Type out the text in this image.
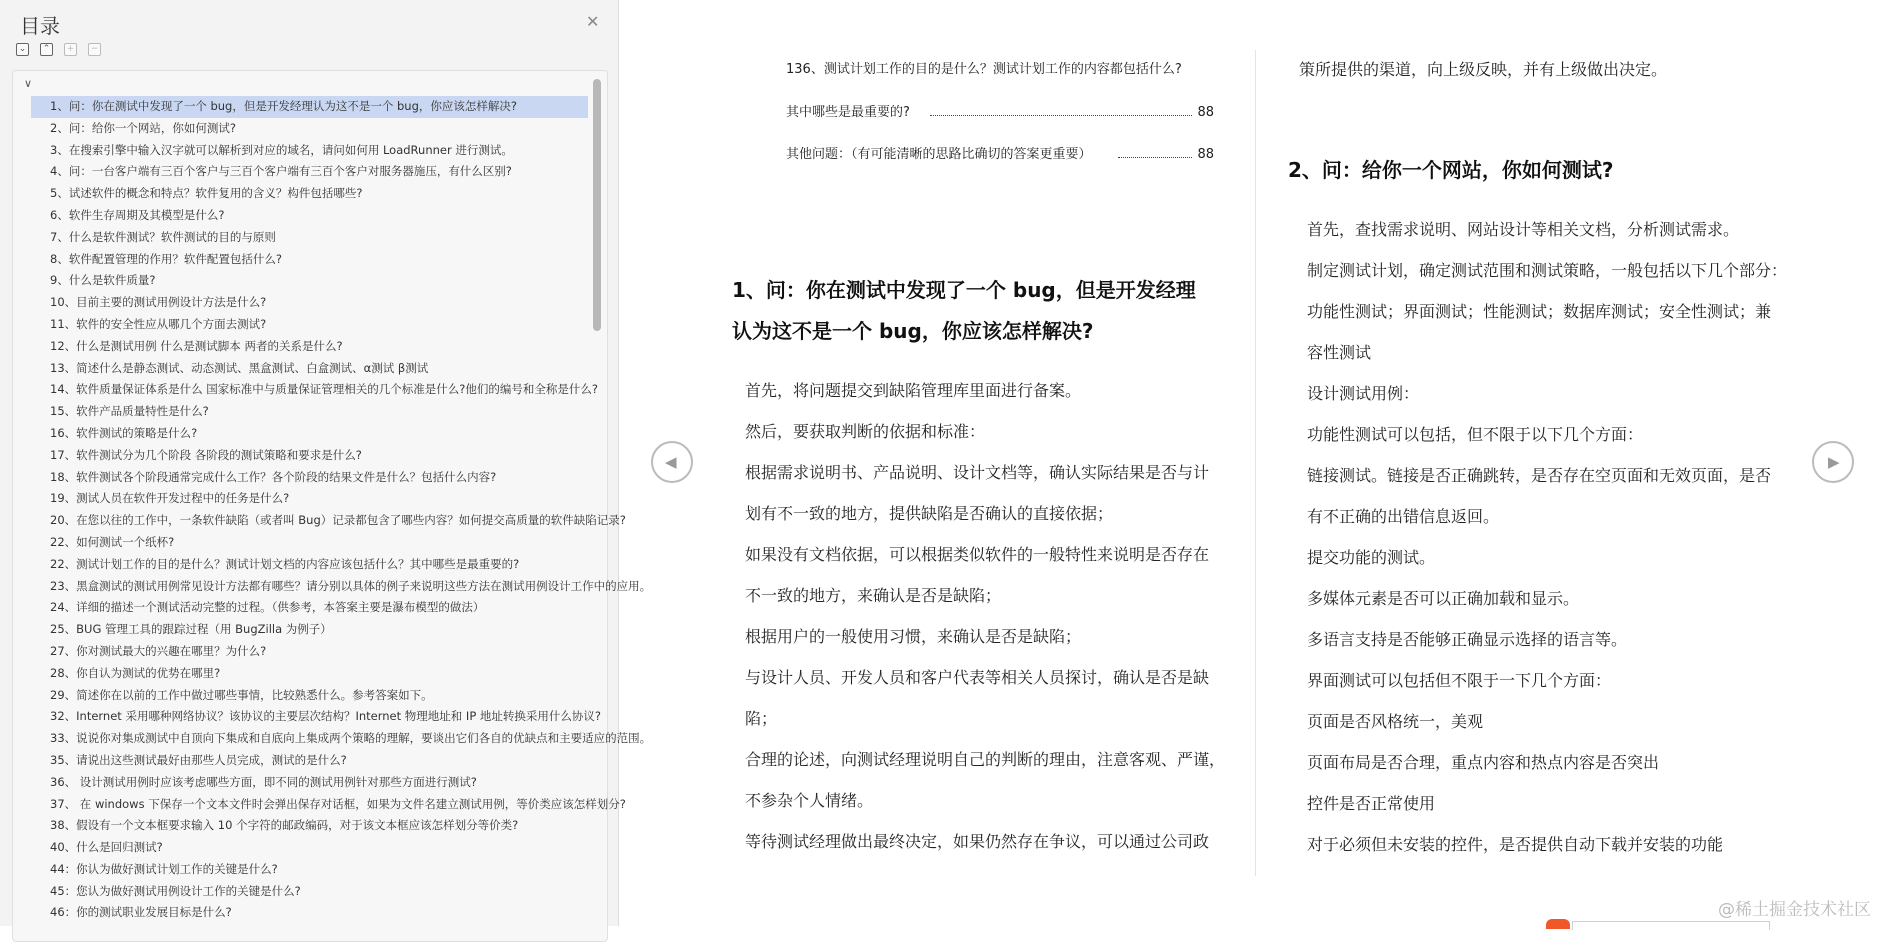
目录	✕
⌄	⌃	+	−
∨
1、问：你在测试中发现了一个 bug，但是开发经理认为这不是一个 bug，你应该怎样解决?
2、问：给你一个网站，你如何测试?
3、在搜索引擎中输入汉字就可以解析到对应的域名，请问如何用 LoadRunner 进行测试。
4、问：一台客户端有三百个客户与三百个客户端有三百个客户对服务器施压，有什么区别?
5、试述软件的概念和特点？软件复用的含义？构件包括哪些?
6、软件生存周期及其模型是什么?
7、什么是软件测试？软件测试的目的与原则
8、软件配置管理的作用？软件配置包括什么?
9、什么是软件质量?
10、目前主要的测试用例设计方法是什么?
11、软件的安全性应从哪几个方面去测试?
12、什么是测试用例 什么是测试脚本 两者的关系是什么?
13、简述什么是静态测试、动态测试、黑盒测试、白盒测试、α测试 β测试
14、软件质量保证体系是什么 国家标准中与质量保证管理相关的几个标准是什么?他们的编号和全称是什么?
15、软件产品质量特性是什么?
16、软件测试的策略是什么?
17、软件测试分为几个阶段 各阶段的测试策略和要求是什么?
18、软件测试各个阶段通常完成什么工作？各个阶段的结果文件是什么？包括什么内容?
19、测试人员在软件开发过程中的任务是什么?
20、在您以往的工作中，一条软件缺陷（或者叫 Bug）记录都包含了哪些内容？如何提交高质量的软件缺陷记录?
22、如何测试一个纸杯?
22、测试计划工作的目的是什么？测试计划文档的内容应该包括什么？其中哪些是最重要的?
23、黑盒测试的测试用例常见设计方法都有哪些？请分别以具体的例子来说明这些方法在测试用例设计工作中的应用。
24、详细的描述一个测试活动完整的过程。（供参考，本答案主要是瀑布模型的做法）
25、BUG 管理工具的跟踪过程（用 BugZilla 为例子）
27、你对测试最大的兴趣在哪里？为什么?
28、你自认为测试的优势在哪里?
29、简述你在以前的工作中做过哪些事情，比较熟悉什么。参考答案如下。
32、Internet 采用哪种网络协议？该协议的主要层次结构？Internet 物理地址和 IP 地址转换采用什么协议?
33、说说你对集成测试中自顶向下集成和自底向上集成两个策略的理解，要谈出它们各自的优缺点和主要适应的范围。
35、请说出这些测试最好由那些人员完成，测试的是什么?
36、 设计测试用例时应该考虑哪些方面，即不同的测试用例针对那些方面进行测试?
37、 在 windows 下保存一个文本文件时会弹出保存对话框，如果为文件名建立测试用例，等价类应该怎样划分?
38、假设有一个文本框要求输入 10 个字符的邮政编码，对于该文本框应该怎样划分等价类?
40、什么是回归测试?
44：你认为做好测试计划工作的关键是什么?
45：您认为做好测试用例设计工作的关键是什么?
46：你的测试职业发展目标是什么?
136、测试计划工作的目的是什么？测试计划工作的内容都包括什么?
其中哪些是最重要的?	88
其他问题：（有可能清晰的思路比确切的答案更重要）	88
1、问：你在测试中发现了一个 bug，但是开发经理
认为这不是一个 bug，你应该怎样解决?
首先，将问题提交到缺陷管理库里面进行备案。
然后，要获取判断的依据和标准：
根据需求说明书、产品说明、设计文档等，确认实际结果是否与计
划有不一致的地方，提供缺陷是否确认的直接依据；
如果没有文档依据，可以根据类似软件的一般特性来说明是否存在
不一致的地方，来确认是否是缺陷；
根据用户的一般使用习惯，来确认是否是缺陷；
与设计人员、开发人员和客户代表等相关人员探讨，确认是否是缺
陷；
合理的论述，向测试经理说明自己的判断的理由，注意客观、严谨，
不参杂个人情绪。
等待测试经理做出最终决定，如果仍然存在争议，可以通过公司政
策所提供的渠道，向上级反映，并有上级做出决定。
2、问：给你一个网站，你如何测试?
首先，查找需求说明、网站设计等相关文档，分析测试需求。
制定测试计划，确定测试范围和测试策略，一般包括以下几个部分：
功能性测试；界面测试；性能测试；数据库测试；安全性测试；兼
容性测试
设计测试用例：
功能性测试可以包括，但不限于以下几个方面：
链接测试。链接是否正确跳转，是否存在空页面和无效页面，是否
有不正确的出错信息返回。
提交功能的测试。
多媒体元素是否可以正确加载和显示。
多语言支持是否能够正确显示选择的语言等。
界面测试可以包括但不限于一下几个方面：
页面是否风格统一，美观
页面布局是否合理，重点内容和热点内容是否突出
控件是否正常使用
对于必须但未安装的控件，是否提供自动下载并安装的功能
◀	▶
@稀土掘金技术社区
